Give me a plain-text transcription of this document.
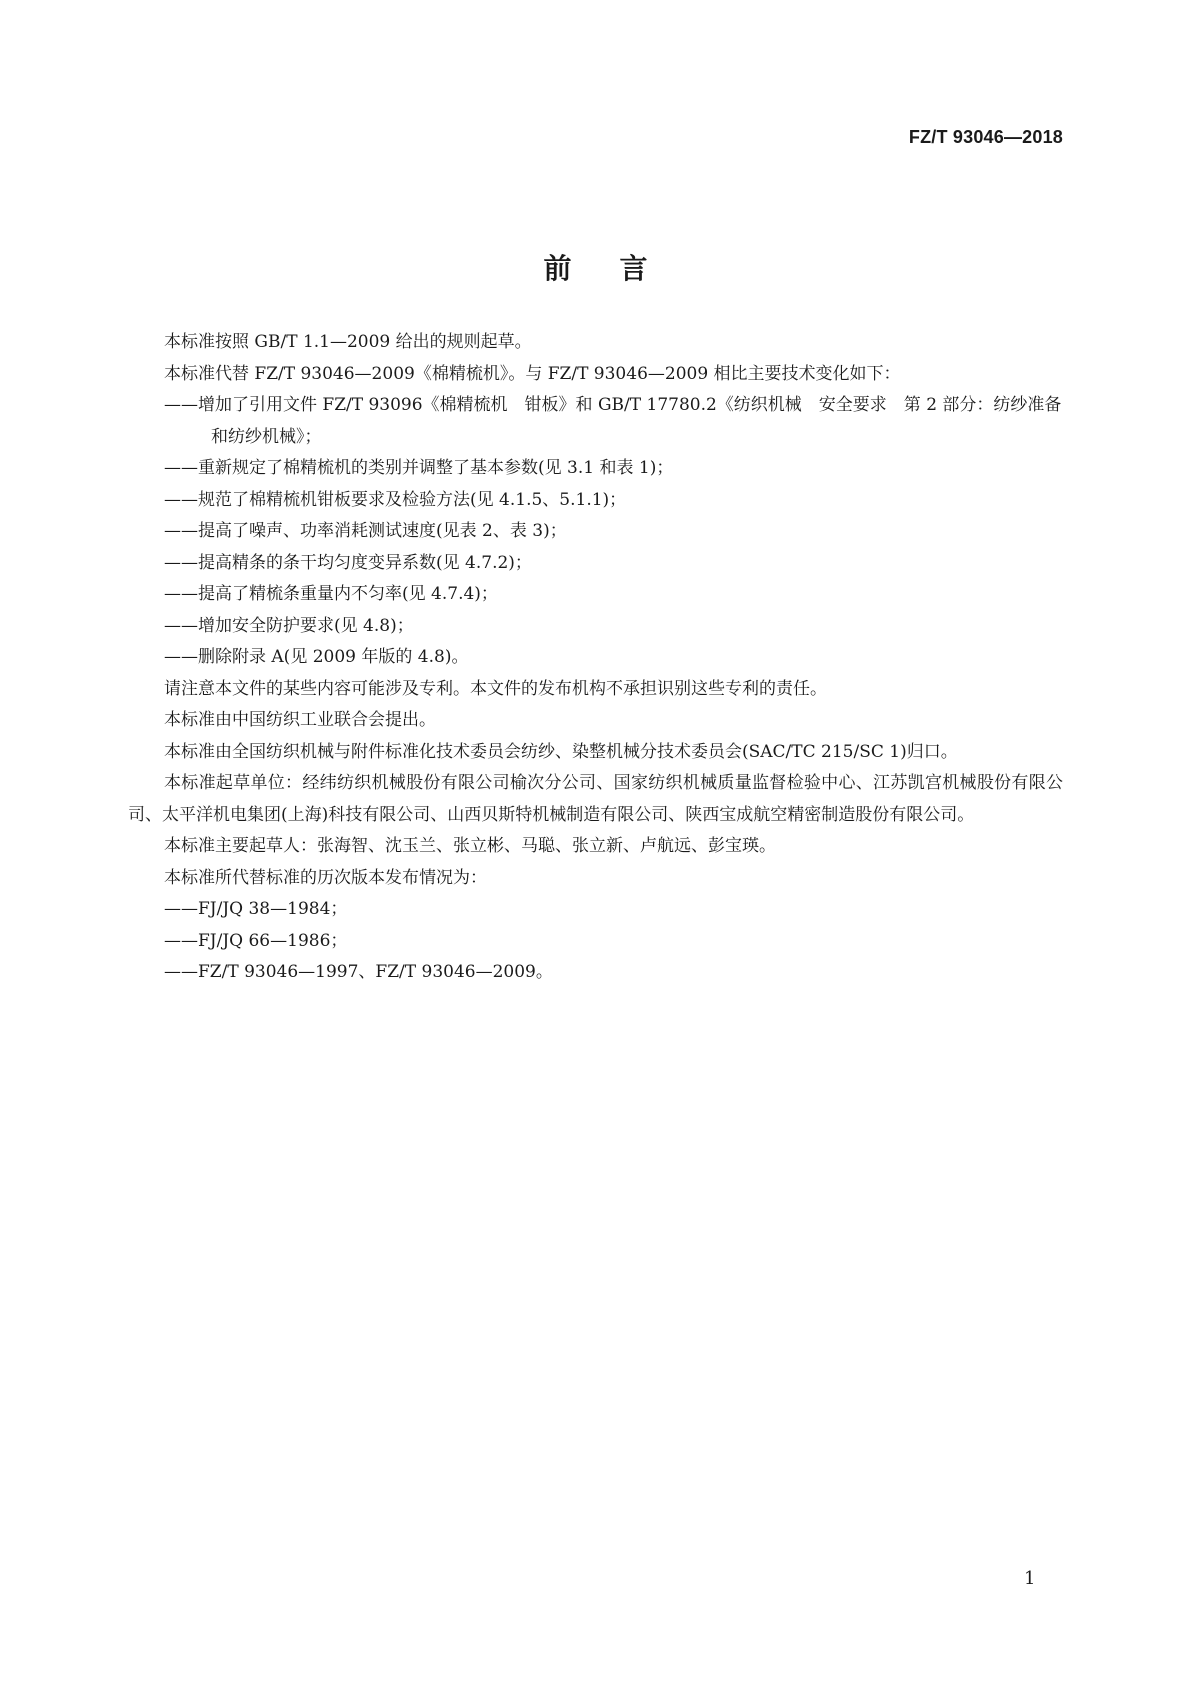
FZ/T 93046—2018
前言

本标准按照 GB/T 1.1—2009 给出的规则起草。

本标准代替 FZ/T 93046—2009《棉精梳机》。与 FZ/T 93046—2009 相比主要技术变化如下：

——增加了引用文件 FZ/T 93096《棉精梳机　钳板》和 GB/T 17780.2《纺织机械　安全要求　第 2 部分：纺纱准备和纺纱机械》；

——重新规定了棉精梳机的类别并调整了基本参数(见 3.1 和表 1)；

——规范了棉精梳机钳板要求及检验方法(见 4.1.5、5.1.1)；

——提高了噪声、功率消耗测试速度(见表 2、表 3)；

——提高精条的条干均匀度变异系数(见 4.7.2)；

——提高了精梳条重量内不匀率(见 4.7.4)；

——增加安全防护要求(见 4.8)；

——删除附录 A(见 2009 年版的 4.8)。

请注意本文件的某些内容可能涉及专利。本文件的发布机构不承担识别这些专利的责任。

本标准由中国纺织工业联合会提出。

本标准由全国纺织机械与附件标准化技术委员会纺纱、染整机械分技术委员会(SAC/TC 215/SC 1)归口。

本标准起草单位：经纬纺织机械股份有限公司榆次分公司、国家纺织机械质量监督检验中心、江苏凯宫机械股份有限公司、太平洋机电集团(上海)科技有限公司、山西贝斯特机械制造有限公司、陕西宝成航空精密制造股份有限公司。

本标准主要起草人：张海智、沈玉兰、张立彬、马聪、张立新、卢航远、彭宝瑛。

本标准所代替标准的历次版本发布情况为：

——FJ/JQ 38—1984；

——FJ/JQ 66—1986；

——FZ/T 93046—1997、FZ/T 93046—2009。

1
